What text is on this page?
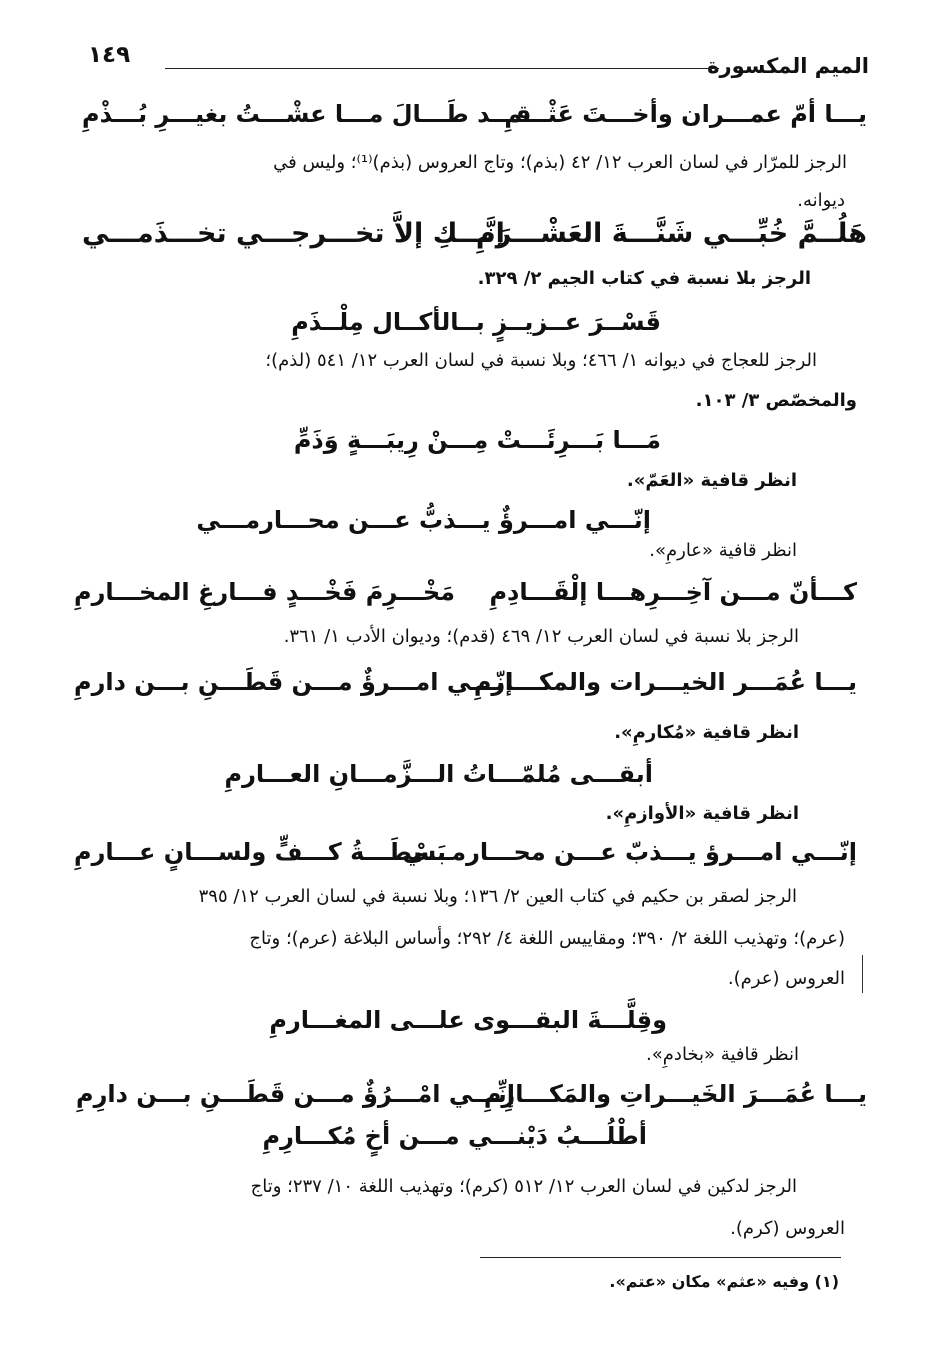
الميم المكسورة
١٤٩
يـــا أمّ عمـــران وأخـــتَ عَثْـــمِ
قـــد طَـــالَ مـــا عشْـــتُ بغيـــرِ بُـــذْمِ
الرجز للمرّار في لسان العرب ١٢/ ٤٢ (بذم)؛ وتاج العروس (بذم)⁽¹⁾؛ وليس في
ديوانه.
هَلُــمَّ خُبِّـــي شَنَّـــةَ العَشْـــرَمِ
إنَّـــكِ إلاَّ تخـــرجـــي تخـــذَمـــي
الرجز بلا نسبة في كتاب الجيم ٢/ ٣٢٩.
قَسْــرَ عــزيــزٍ بــالأكــال مِلْــذَمِ
الرجز للعجاج في ديوانه ١/ ٤٦٦؛ وبلا نسبة في لسان العرب ١٢/ ٥٤١ (لذم)؛
والمخصّص ٣/ ١٠٣.
مَـــا بَـــرِئَـــتْ مِـــنْ رِيبَـــةٍ وَذَمِّ
انظر قافية «العَمّ».
إنّـــي امـــرؤٌ يـــذبُّ عـــن محـــارمـــي
انظر قافية «عارمِ».
كـــأنّ مـــن آخِـــرِهـــا إلْقَـــادِمِ
مَخْـــرِمَ فَخْـــدٍ فـــارغِ المخـــارمِ
الرجز بلا نسبة في لسان العرب ١٢/ ٤٦٩ (قدم)؛ وديوان الأدب ١/ ٣٦١.
يـــا عُمَـــر الخيـــرات والمكـــارمِ
إنّـــي امـــرؤٌ مـــن قَطَـــنِ بـــن دارمِ
انظر قافية «مُكارمِ».
أبقـــى مُلمّـــاتُ الـــزَّمـــانِ العـــارمِ
انظر قافية «الأوازمِ».
إنّـــي امـــرؤ يـــذبّ عـــن محـــارمـــي
بَسْطَـــةُ كـــفٍّ ولســـانٍ عـــارمِ
الرجز لصقر بن حكيم في كتاب العين ٢/ ١٣٦؛ وبلا نسبة في لسان العرب ١٢/ ٣٩٥
(عرم)؛ وتهذيب اللغة ٢/ ٣٩٠؛ ومقاييس اللغة ٤/ ٢٩٢؛ وأساس البلاغة (عرم)؛ وتاج
العروس (عرم).
وقِلَّـــةَ البقـــوى علـــى المغـــارمِ
انظر قافية «بخادمِ».
يـــا عُمَـــرَ الخَيـــراتِ والمَكـــارِمِ
إنِّـــي امْـــرُؤٌ مـــن قَطَـــنِ بـــن دارِمِ
أطْلُـــبُ دَيْنـــي مـــن أخٍ مُكـــارِمِ
الرجز لدكين في لسان العرب ١٢/ ٥١٢ (كرم)؛ وتهذيب اللغة ١٠/ ٢٣٧؛ وتاج
العروس (كرم).
(١) وفيه «عثم» مكان «عتم».
